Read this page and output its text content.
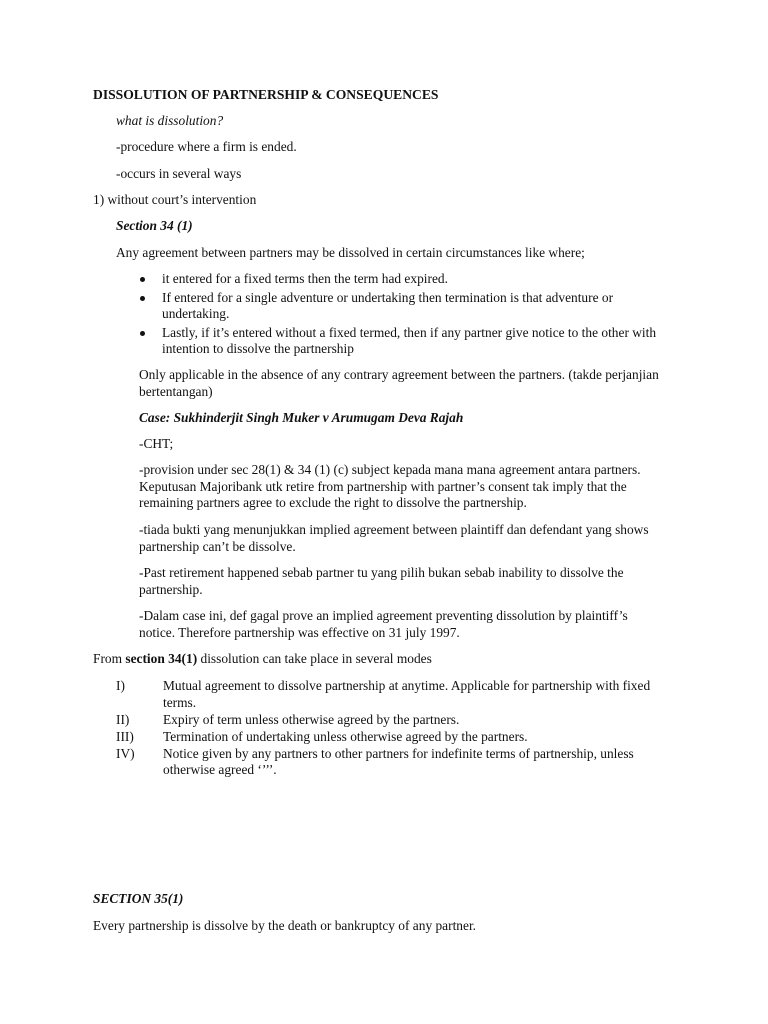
DISSOLUTION OF PARTNERSHIP & CONSEQUENCES
what is dissolution?
-procedure where a firm is ended.
-occurs in several ways
1) without court’s intervention
Section 34 (1)
Any agreement between partners may be dissolved in certain circumstances like where;
it entered for a fixed terms then the term had expired.
If entered for a single adventure or undertaking then termination is that adventure or undertaking.
Lastly, if it’s entered without a fixed termed, then if any partner give notice to the other with intention to dissolve the partnership
Only applicable in the absence of any contrary agreement between the partners. (takde perjanjian bertentangan)
Case: Sukhinderjit Singh Muker v Arumugam Deva Rajah
-CHT;
-provision under sec 28(1) & 34 (1) (c) subject kepada mana mana agreement antara partners. Keputusan Majoribank utk retire from partnership with partner’s consent tak imply that the remaining partners agree to exclude the right to dissolve the partnership.
-tiada bukti yang menunjukkan implied agreement between plaintiff dan defendant yang shows partnership can’t be dissolve.
-Past retirement happened sebab partner tu yang pilih bukan sebab inability to dissolve the partnership.
-Dalam case ini, def gagal prove an implied agreement preventing dissolution by plaintiff’s notice. Therefore partnership was effective on 31 july 1997.
From section 34(1) dissolution can take place in several modes
I)	Mutual agreement to dissolve partnership at anytime. Applicable for partnership with fixed terms.
II)	Expiry of term unless otherwise agreed by the partners.
III) Termination of undertaking unless otherwise agreed by the partners.
IV) Notice given by any partners to other partners for indefinite terms of partnership, unless otherwise agreed ‘’’’.
SECTION 35(1)
Every partnership is dissolve by the death or bankruptcy of any partner.
